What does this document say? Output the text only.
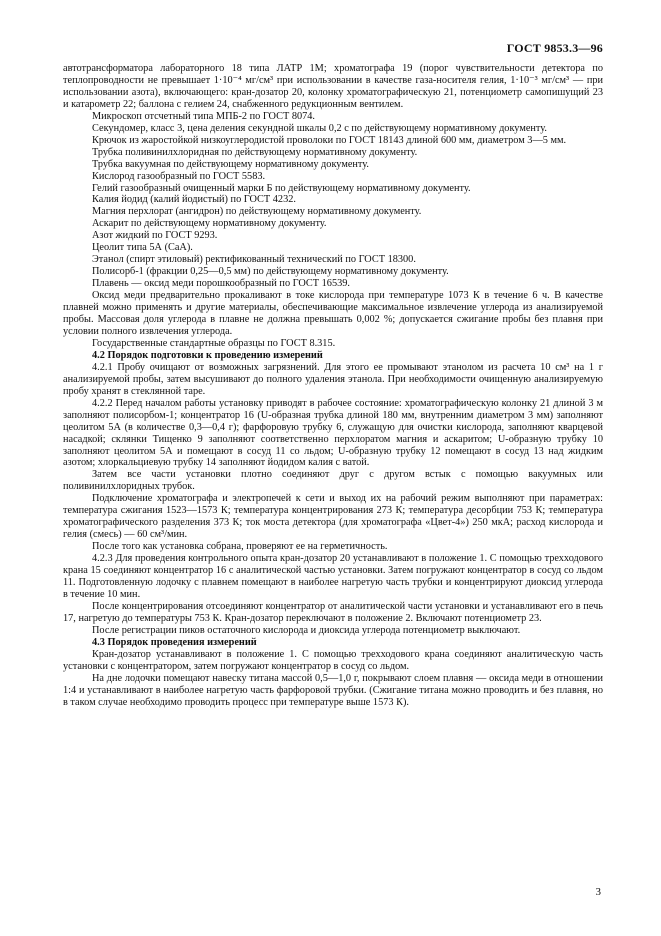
ГОСТ 9853.3—96

автотрансформатора лабораторного 18 типа ЛАТР 1М; хроматографа 19 (порог чувствительности детектора по теплопроводности не превышает 1·10⁻⁴ мг/см³ при использовании в качестве газа-носителя гелия, 1·10⁻³ мг/см³ — при использовании азота), включающего: кран-дозатор 20, колонку хроматографическую 21, потенциометр самопишущий 23 и катарометр 22; баллона с гелием 24, снабженного редукционным вентилем.

Микроскоп отсчетный типа МПБ-2 по ГОСТ 8074.

Секундомер, класс 3, цена деления секундной шкалы 0,2 с по действующему нормативному документу.

Крючок из жаростойкой низкоуглеродистой проволоки по ГОСТ 18143 длиной 600 мм, диаметром 3—5 мм.

Трубка поливинилхлоридная по действующему нормативному документу.

Трубка вакуумная по действующему нормативному документу.

Кислород газообразный по ГОСТ 5583.

Гелий газообразный очищенный марки Б по действующему нормативному документу.

Калия йодид (калий йодистый) по ГОСТ 4232.

Магния перхлорат (ангидрон) по действующему нормативному документу.

Аскарит по действующему нормативному документу.

Азот жидкий по ГОСТ 9293.

Цеолит типа 5А (СаА).

Этанол (спирт этиловый) ректификованный технический по ГОСТ 18300.

Полисорб-1 (фракции 0,25—0,5 мм) по действующему нормативному документу.

Плавень — оксид меди порошкообразный по ГОСТ 16539.

Оксид меди предварительно прокаливают в токе кислорода при температуре 1073 К в течение 6 ч. В качестве плавней можно применять и другие материалы, обеспечивающие максимальное извлечение углерода из анализируемой пробы. Массовая доля углерода в плавне не должна превышать 0,002 %; допускается сжигание пробы без плавня при условии полного извлечения углерода.

Государственные стандартные образцы по ГОСТ 8.315.

4.2 Порядок подготовки к проведению измерений

4.2.1 Пробу очищают от возможных загрязнений. Для этого ее промывают этанолом из расчета 10 см³ на 1 г анализируемой пробы, затем высушивают до полного удаления этанола. При необходимости очищенную анализируемую пробу хранят в стеклянной таре.

4.2.2 Перед началом работы установку приводят в рабочее состояние: хроматографическую колонку 21 длиной 3 м заполняют полисорбом-1; концентратор 16 (U-образная трубка длиной 180 мм, внутренним диаметром 3 мм) заполняют цеолитом 5А (в количестве 0,3—0,4 г); фарфоровую трубку 6, служащую для очистки кислорода, заполняют кварцевой насадкой; склянки Тищенко 9 заполняют соответственно перхлоратом магния и аскаритом; U-образную трубку 10 заполняют цеолитом 5А и помещают в сосуд 11 со льдом; U-образную трубку 12 помещают в сосуд 13 над жидким азотом; хлоркальциевую трубку 14 заполняют йодидом калия с ватой.

Затем все части установки плотно соединяют друг с другом встык с помощью вакуумных или поливинилхлоридных трубок.

Подключение хроматографа и электропечей к сети и выход их на рабочий режим выполняют при параметрах: температура сжигания 1523—1573 К; температура концентрирования 273 К; температура десорбции 753 К; температура хроматографического разделения 373 К; ток моста детектора (для хроматографа «Цвет-4») 250 мкА; расход кислорода и гелия (смесь) — 60 см³/мин.

После того как установка собрана, проверяют ее на герметичность.

4.2.3 Для проведения контрольного опыта кран-дозатор 20 устанавливают в положение 1. С помощью трехходового крана 15 соединяют концентратор 16 с аналитической частью установки. Затем погружают концентратор в сосуд со льдом 11. Подготовленную лодочку с плавнем помещают в наиболее нагретую часть трубки и концентрируют диоксид углерода в течение 10 мин.

После концентрирования отсоединяют концентратор от аналитической части установки и устанавливают его в печь 17, нагретую до температуры 753 К. Кран-дозатор переключают в положение 2. Включают потенциометр 23.

После регистрации пиков остаточного кислорода и диоксида углерода потенциометр выключают.

4.3 Порядок проведения измерений

Кран-дозатор устанавливают в положение 1. С помощью трехходового крана соединяют аналитическую часть установки с концентратором, затем погружают концентратор в сосуд со льдом.

На дне лодочки помещают навеску титана массой 0,5—1,0 г, покрывают слоем плавня — оксида меди в отношении 1:4 и устанавливают в наиболее нагретую часть фарфоровой трубки. (Сжигание титана можно проводить и без плавня, но в таком случае необходимо проводить процесс при температуре выше 1573 К).

3
